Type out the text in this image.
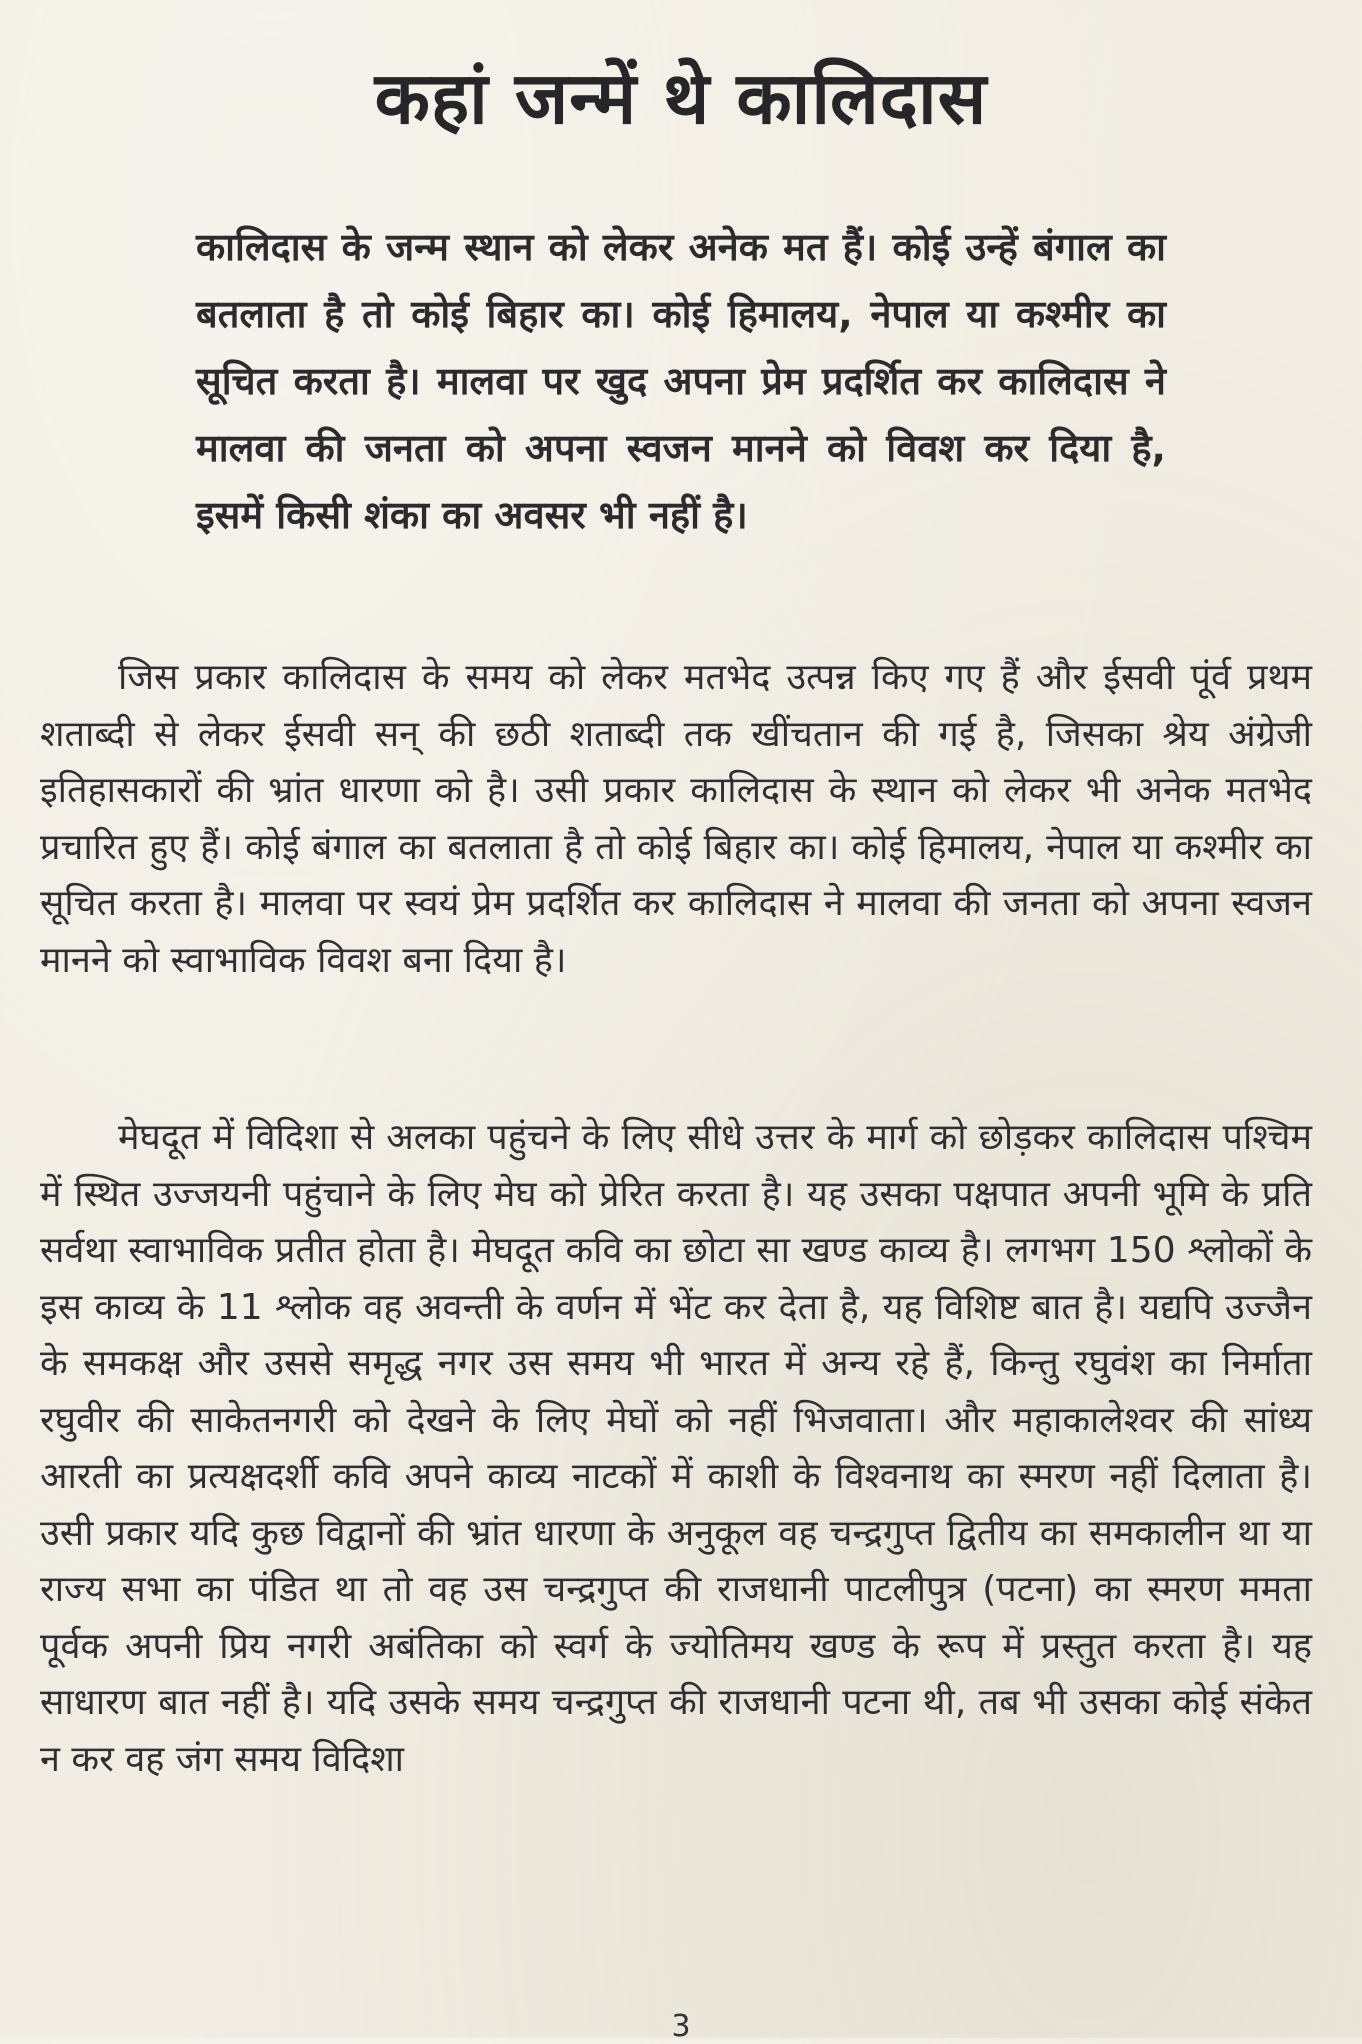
कहां जन्में थे कालिदास

कालिदास के जन्म स्थान को लेकर अनेक मत हैं। कोई उन्हें बंगाल का बतलाता है तो कोई बिहार का। कोई हिमालय, नेपाल या कश्मीर का सूचित करता है। मालवा पर खुद अपना प्रेम प्रदर्शित कर कालिदास ने मालवा की जनता को अपना स्वजन मानने को विवश कर दिया है, इसमें किसी शंका का अवसर भी नहीं है।

जिस प्रकार कालिदास के समय को लेकर मतभेद उत्पन्न किए गए हैं और ईसवी पूंर्व प्रथम शताब्दी से लेकर ईसवी सन् की छठी शताब्दी तक खींचतान की गई है, जिसका श्रेय अंग्रेजी इतिहासकारों की भ्रांत धारणा को है। उसी प्रकार कालिदास के स्थान को लेकर भी अनेक मतभेद प्रचारित हुए हैं। कोई बंगाल का बतलाता है तो कोई बिहार का। कोई हिमालय, नेपाल या कश्मीर का सूचित करता है। मालवा पर स्वयं प्रेम प्रदर्शित कर कालिदास ने मालवा की जनता को अपना स्वजन मानने को स्वाभाविक विवश बना दिया है।

मेघदूत में विदिशा से अलका पहुंचने के लिए सीधे उत्तर के मार्ग को छोड़कर कालिदास पश्चिम में स्थित उज्जयनी पहुंचाने के लिए मेघ को प्रेरित करता है। यह उसका पक्षपात अपनी भूमि के प्रति सर्वथा स्वाभाविक प्रतीत होता है। मेघदूत कवि का छोटा सा खण्ड काव्य है। लगभग 150 श्लोकों के इस काव्य के 11 श्लोक वह अवन्ती के वर्णन में भेंट कर देता है, यह विशिष्ट बात है। यद्यपि उज्जैन के समकक्ष और उससे समृद्ध नगर उस समय भी भारत में अन्य रहे हैं, किन्तु रघुवंश का निर्माता रघुवीर की साकेतनगरी को देखने के लिए मेघों को नहीं भिजवाता। और महाकालेश्वर की सांध्य आरती का प्रत्यक्षदर्शी कवि अपने काव्य नाटकों में काशी के विश्वनाथ का स्मरण नहीं दिलाता है। उसी प्रकार यदि कुछ विद्वानों की भ्रांत धारणा के अनुकूल वह चन्द्रगुप्त द्वितीय का समकालीन था या राज्य सभा का पंडित था तो वह उस चन्द्रगुप्त की राजधानी पाटलीपुत्र (पटना) का स्मरण ममता पूर्वक अपनी प्रिय नगरी अबंतिका को स्वर्ग के ज्योतिमय खण्ड के रूप में प्रस्तुत करता है। यह साधारण बात नहीं है। यदि उसके समय चन्द्रगुप्त की राजधानी पटना थी, तब भी उसका कोई संकेत न कर वह जंग समय विदिशा

3
